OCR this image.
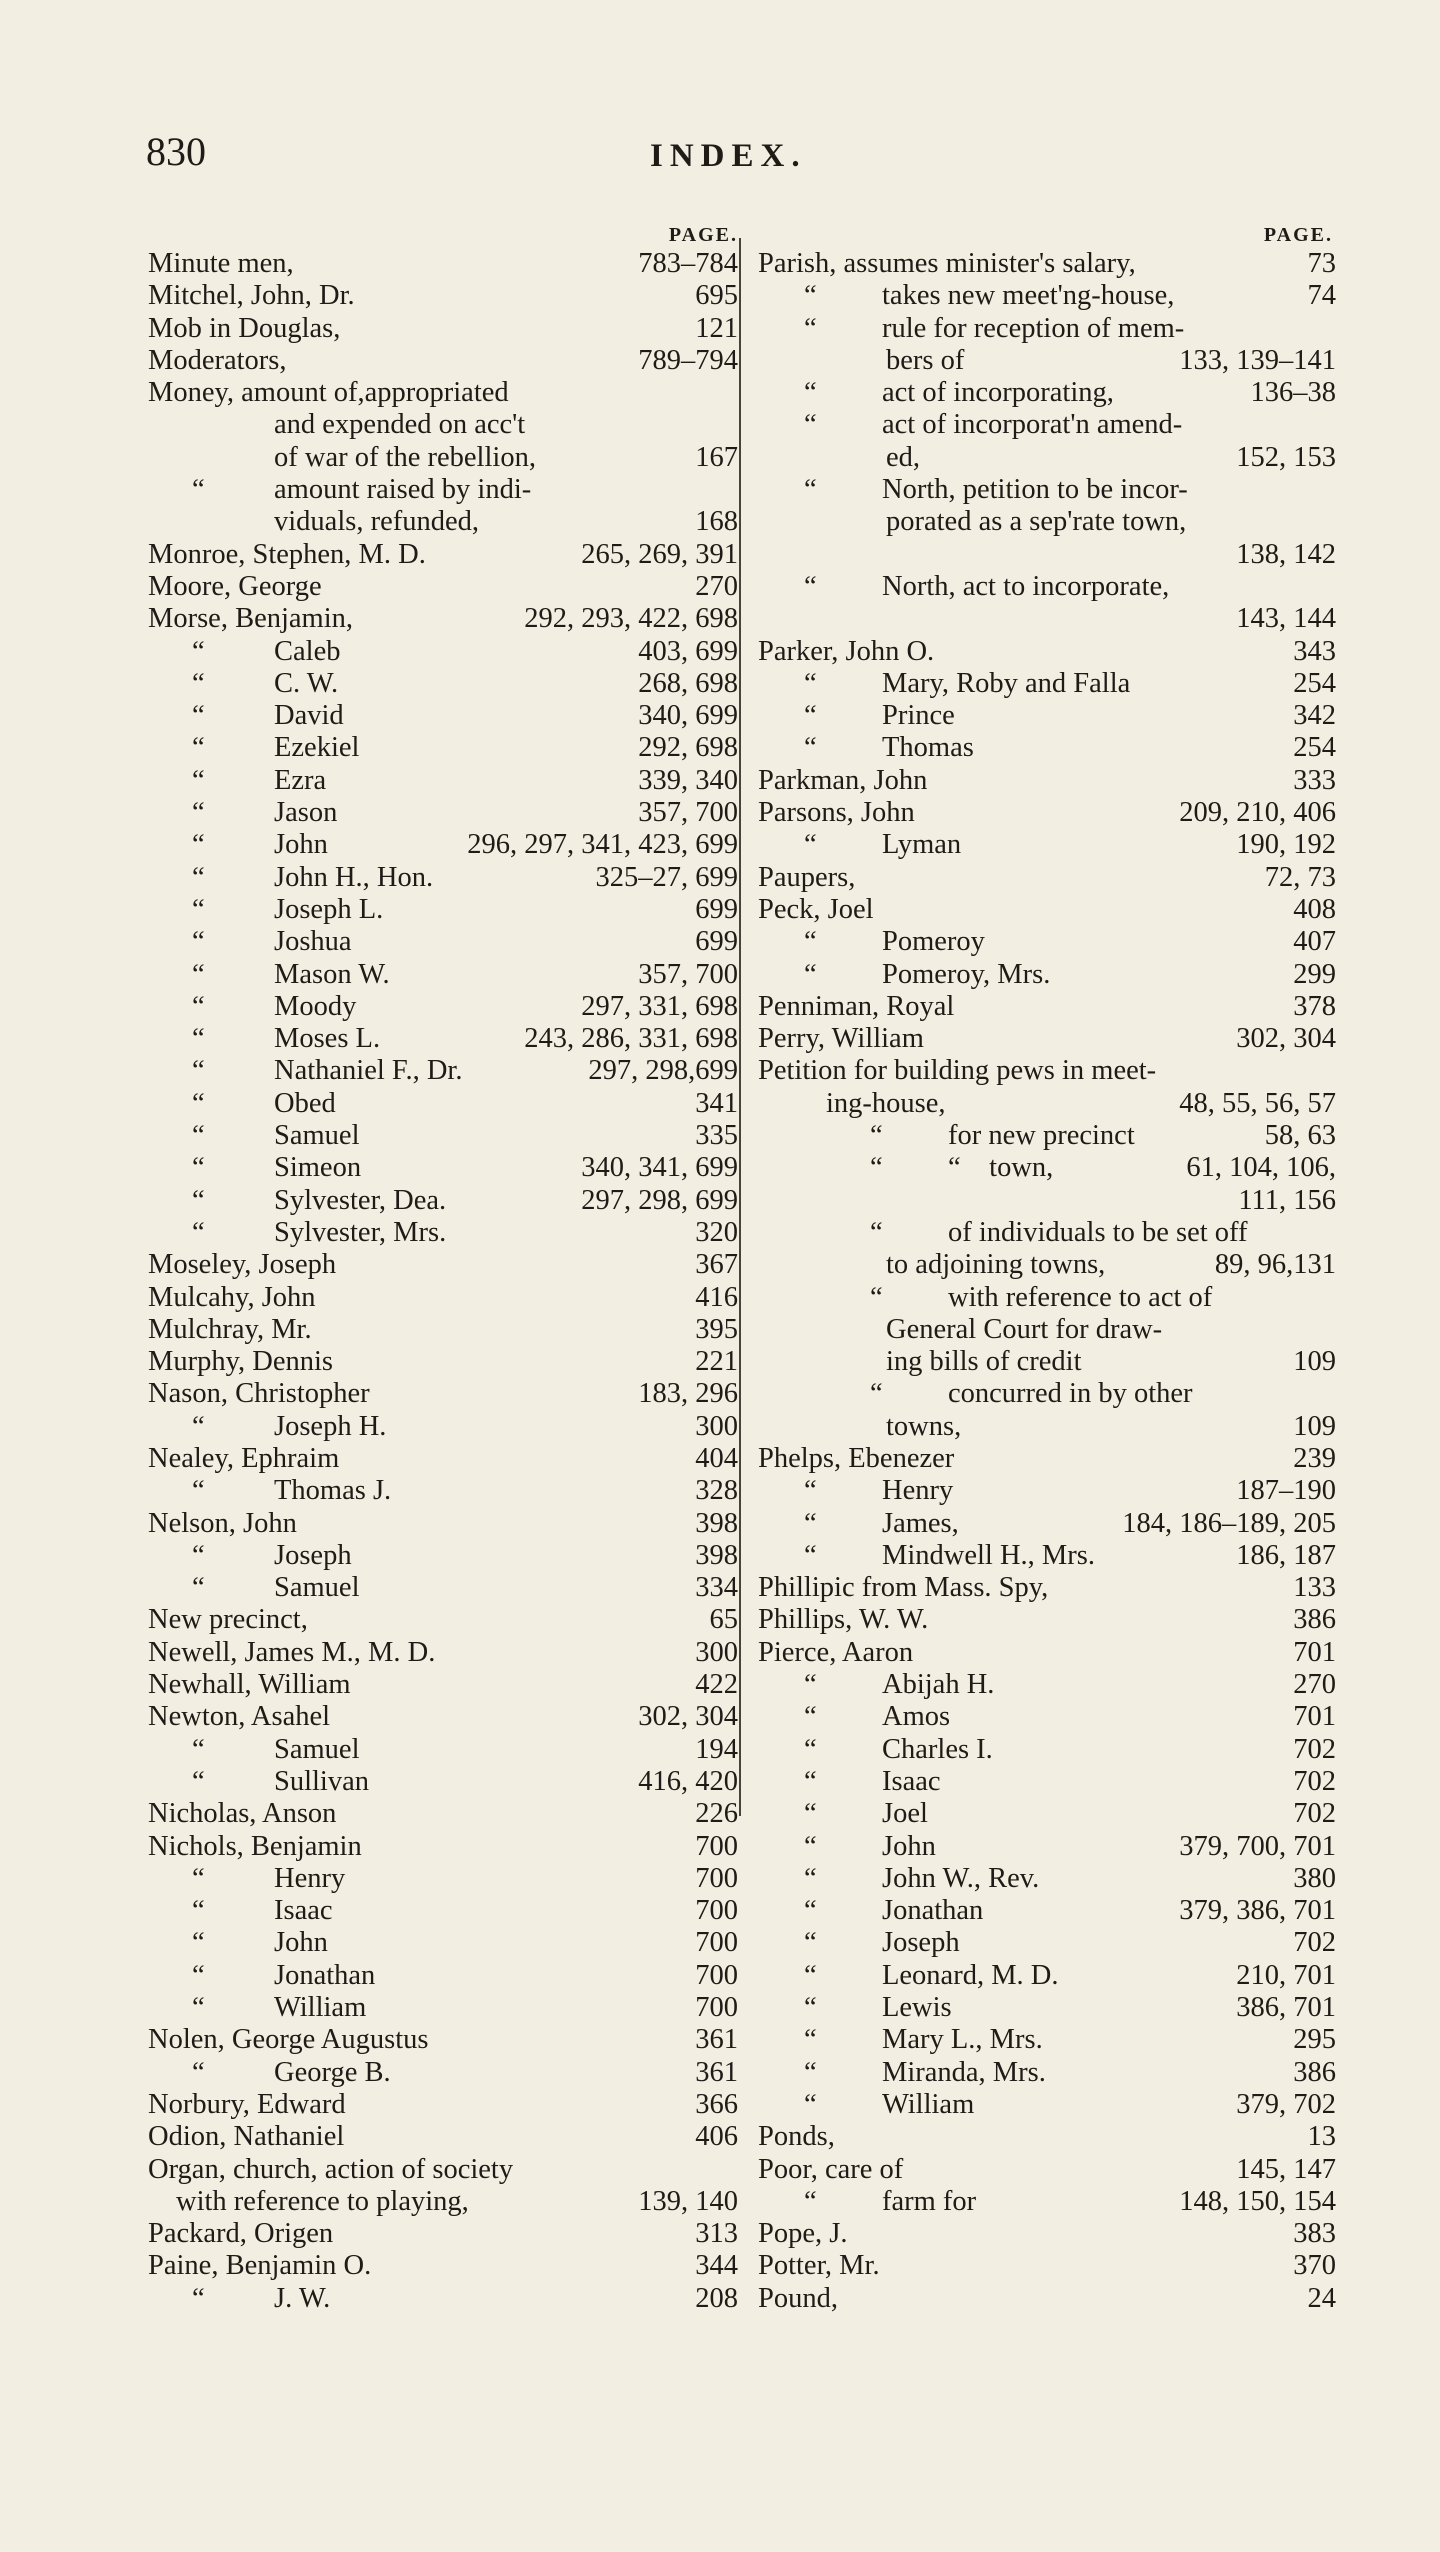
830	INDEX.
PAGE.
Minute men,	783–784
Mitchel, John, Dr.	695
Mob in Douglas,	121
Moderators,	789–794
Money, amount of,appropriated
and expended on acc't
of war of the rebellion,	167
“	amount raised by indi-
viduals, refunded,	168
Monroe, Stephen, M. D.	265, 269, 391
Moore, George	270
Morse, Benjamin,	292, 293, 422, 698
“	Caleb	403, 699
“	C. W.	268, 698
“	David	340, 699
“	Ezekiel	292, 698
“	Ezra	339, 340
“	Jason	357, 700
“	John	296, 297, 341, 423, 699
“	John H., Hon.	325–27, 699
“	Joseph L.	699
“	Joshua	699
“	Mason W.	357, 700
“	Moody	297, 331, 698
“	Moses L.	243, 286, 331, 698
“	Nathaniel F., Dr.	297, 298,699
“	Obed	341
“	Samuel	335
“	Simeon	340, 341, 699
“	Sylvester, Dea.	297, 298, 699
“	Sylvester, Mrs.	320
Moseley, Joseph	367
Mulcahy, John	416
Mulchray, Mr.	395
Murphy, Dennis	221
Nason, Christopher	183, 296
“	Joseph H.	300
Nealey, Ephraim	404
“	Thomas J.	328
Nelson, John	398
“	Joseph	398
“	Samuel	334
New precinct,	65
Newell, James M., M. D.	300
Newhall, William	422
Newton, Asahel	302, 304
“	Samuel	194
“	Sullivan	416, 420
Nicholas, Anson	226
Nichols, Benjamin	700
“	Henry	700
“	Isaac	700
“	John	700
“	Jonathan	700
“	William	700
Nolen, George Augustus	361
“	George B.	361
Norbury, Edward	366
Odion, Nathaniel	406
Organ, church, action of society
with reference to playing,	139, 140
Packard, Origen	313
Paine, Benjamin O.	344
“	J. W.	208
PAGE.
Parish, assumes minister's salary,	73
“	takes new meet'ng-house,	74
“	rule for reception of mem-
bers of	133, 139–141
“	act of incorporating,	136–38
“	act of incorporat'n amend-
ed,	152, 153
“	North, petition to be incor-
porated as a sep'rate town,
138, 142
“	North, act to incorporate,
143, 144
Parker, John O.	343
“	Mary, Roby and Falla	254
“	Prince	342
“	Thomas	254
Parkman, John	333
Parsons, John	209, 210, 406
“	Lyman	190, 192
Paupers,	72, 73
Peck, Joel	408
“	Pomeroy	407
“	Pomeroy, Mrs.	299
Penniman, Royal	378
Perry, William	302, 304
Petition for building pews in meet-
ing-house,	48, 55, 56, 57
“	for new precinct	58, 63
“	“    town,	61, 104, 106,
111, 156
“	of individuals to be set off
to adjoining towns,	89, 96,131
“	with reference to act of
General Court for draw-
ing bills of credit	109
“	concurred in by other
towns,	109
Phelps, Ebenezer	239
“	Henry	187–190
“	James,	184, 186–189, 205
“	Mindwell H., Mrs.	186, 187
Phillipic from Mass. Spy,	133
Phillips, W. W.	386
Pierce, Aaron	701
“	Abijah H.	270
“	Amos	701
“	Charles I.	702
“	Isaac	702
“	Joel	702
“	John	379, 700, 701
“	John W., Rev.	380
“	Jonathan	379, 386, 701
“	Joseph	702
“	Leonard, M. D.	210, 701
“	Lewis	386, 701
“	Mary L., Mrs.	295
“	Miranda, Mrs.	386
“	William	379, 702
Ponds,	13
Poor, care of	145, 147
“	farm for	148, 150, 154
Pope, J.	383
Potter, Mr.	370
Pound,	24
